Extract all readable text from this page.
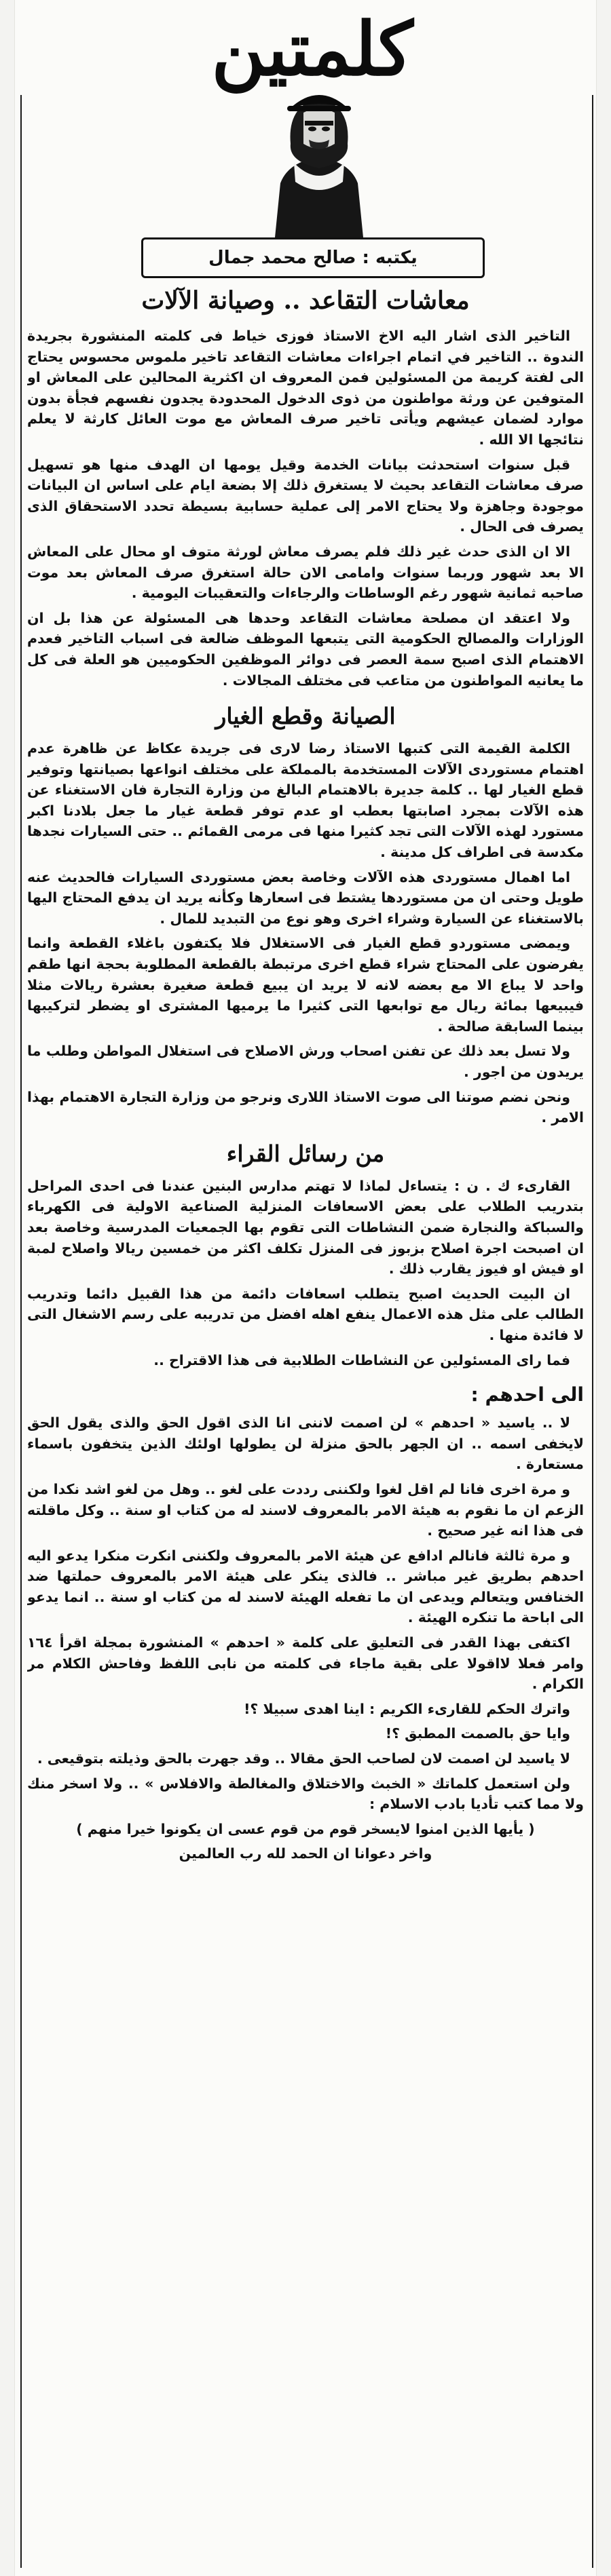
كلمتين
يكتبه : صالح محمد جمال
معاشات التقاعد .. وصيانة الآلات

التاخير الذى اشار اليه الاخ الاستاذ فوزى خياط فى كلمته المنشورة بجريدة الندوة .. التاخير في اتمام اجراءات معاشات التقاعد تاخير ملموس محسوس يحتاج الى لفتة كريمة من المسئولين فمن المعروف ان اكثرية المحالين على المعاش او المتوفين عن ورثة مواطنون من ذوى الدخول المحدودة يجدون نفسهم فجأة بدون موارد لضمان عيشهم ويأتى تاخير صرف المعاش مع موت العائل كارثة لا يعلم نتائجها الا الله .

قبل سنوات استحدثت بيانات الخدمة وقيل يومها ان الهدف منها هو تسهيل صرف معاشات التقاعد بحيث لا يستغرق ذلك إلا بضعة ايام على اساس ان البيانات موجودة وجاهزة ولا يحتاج الامر إلى عملية حسابية بسيطة تحدد الاستحقاق الذى يصرف فى الحال .

الا ان الذى حدث غير ذلك فلم يصرف معاش لورثة متوف او محال على المعاش الا بعد شهور وربما سنوات وامامى الان حالة استغرق صرف المعاش بعد موت صاحبه ثمانية شهور رغم الوساطات والرجاءات والتعقيبات اليومية .

ولا اعتقد ان مصلحة معاشات التقاعد وحدها هى المسئولة عن هذا بل ان الوزارات والمصالح الحكومية التى يتبعها الموظف ضالعة فى اسباب التاخير فعدم الاهتمام الذى اصبح سمة العصر فى دوائر الموظفين الحكوميين هو العلة فى كل ما يعانيه المواطنون من متاعب فى مختلف المجالات .

الصيانة وقطع الغيار

الكلمة القيمة التى كتبها الاستاذ رضا لارى فى جريدة عكاظ عن ظاهرة عدم اهتمام مستوردى الآلات المستخدمة بالمملكة على مختلف انواعها بصيانتها وتوفير قطع الغيار لها .. كلمة جديرة بالاهتمام البالغ من وزارة التجارة فان الاستغناء عن هذه الآلات بمجرد اصابتها بعطب او عدم توفر قطعة غيار ما جعل بلادنا اكبر مستورد لهذه الآلات التى تجد كثيرا منها فى مرمى القمائم .. حتى السيارات نجدها مكدسة فى اطراف كل مدينة .

اما اهمال مستوردى هذه الآلات وخاصة بعض مستوردى السيارات فالحديث عنه طويل وحتى ان من مستوردها يشتط فى اسعارها وكأنه يريد ان يدفع المحتاج اليها بالاستغناء عن السيارة وشراء اخرى وهو نوع من التبديد للمال .

ويمضى مستوردو قطع الغيار فى الاستغلال فلا يكتفون باغلاء القطعة وانما يفرضون على المحتاج شراء قطع اخرى مرتبطة بالقطعة المطلوبة بحجة انها طقم واحد لا يباع الا مع بعضه لانه لا يريد ان يبيع قطعة صغيرة بعشرة ريالات مثلا فيبيعها بمائة ريال مع توابعها التى كثيرا ما يرميها المشترى او يضطر لتركيبها بينما السابقة صالحة .

ولا تسل بعد ذلك عن تفنن اصحاب ورش الاصلاح فى استغلال المواطن وطلب ما يريدون من اجور .

ونحن نضم صوتنا الى صوت الاستاذ اللارى ونرجو من وزارة التجارة الاهتمام بهذا الامر .

من رسائل القراء

القارىء ك . ن : يتساءل لماذا لا تهتم مدارس البنين عندنا فى احدى المراحل بتدريب الطلاب على بعض الاسعافات المنزلية الصناعية الاولية فى الكهرباء والسباكة والنجارة ضمن النشاطات التى تقوم بها الجمعيات المدرسية وخاصة بعد ان اصبحت اجرة اصلاح بزبوز فى المنزل تكلف اكثر من خمسين ريالا واصلاح لمبة او فيش او فيوز يقارب ذلك .

ان البيت الحديث اصبح يتطلب اسعافات دائمة من هذا القبيل دائما وتدريب الطالب على مثل هذه الاعمال ينفع اهله افضل من تدريبه على رسم الاشغال التى لا فائدة منها .

فما راى المسئولين عن النشاطات الطلابية فى هذا الاقتراح ..

الى احدهم :

لا .. ياسيد « احدهم » لن اصمت لاننى انا الذى اقول الحق والذى يقول الحق لايخفى اسمه .. ان الجهر بالحق منزلة لن يطولها اولئك الذين يتخفون باسماء مستعارة .

و مرة اخرى فانا لم اقل لغوا ولكننى رددت على لغو .. وهل من لغو اشد نكدا من الزعم ان ما نقوم به هيئة الامر بالمعروف لاسند له من كتاب او سنة .. وكل ماقلته فى هذا انه غير صحيح .

و مرة ثالثة فانالم ادافع عن هيئة الامر بالمعروف ولكننى انكرت منكرا يدعو اليه احدهم بطريق غير مباشر .. فالذى ينكر على هيئة الامر بالمعروف حملتها ضد الخنافس ويتعالم ويدعى ان ما تفعله الهيئة لاسند له من كتاب او سنة .. انما يدعو الى اباحة ما تنكره الهيئة .

اكتفى بهذا القدر فى التعليق على كلمة « احدهم » المنشورة بمجلة اقرأ ١٦٤ وامر فعلا لااقولا على بقية ماجاء فى كلمته من نابى اللفظ وفاحش الكلام مر الكرام .

واترك الحكم للقارىء الكريم : اينا اهدى سبيلا ؟!

وايا حق بالصمت المطبق ؟!

لا ياسيد لن اصمت لان لصاحب الحق مقالا .. وقد جهرت بالحق وذيلته بتوقيعى .

ولن استعمل كلماتك « الخبث والاختلاق والمغالطة والافلاس » .. ولا اسخر منك ولا مما كتب تأديا بادب الاسلام :

( يأيها الذين امنوا لايسخر قوم من قوم عسى ان يكونوا خيرا منهم )

واخر دعوانا ان الحمد لله رب العالمين
